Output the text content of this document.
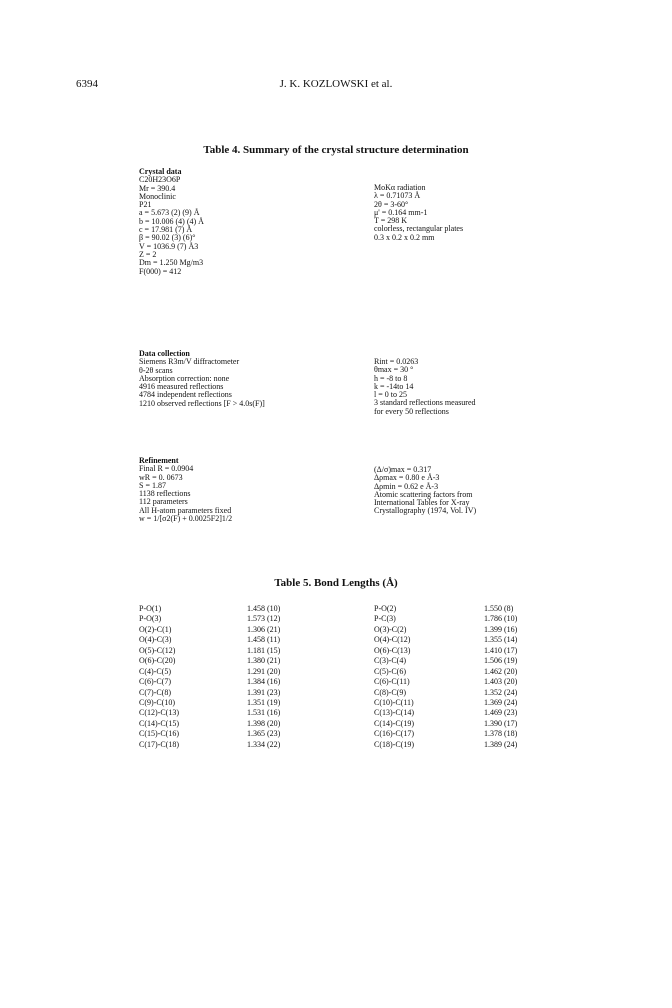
6394	J. K. KOZLOWSKI et al.
Table 4. Summary of the crystal structure determination
Crystal data
C20H23O6P
Mr = 390.4
Monoclinic
P21
a = 5.673 (2) (9) Å
b = 10.006 (4) (4) Å
c = 17.981 (7) Å
β = 90.02 (3) (6)°
V = 1036.9 (7) Å3
Z = 2
Dm = 1.250 Mg/m3
F(000) = 412
MoKα radiation
λ = 0.71073 Å
2θ = 3-60°
μ' = 0.164 mm-1
T = 298 K
colorless, rectangular plates
0.3 x 0.2 x 0.2 mm
Data collection
Siemens R3m/V diffractometer
θ-2θ scans
Absorption correction: none
4916 measured reflections
4784 independent reflections
1210 observed reflections [F > 4.0s(F)]
Rint = 0.0263
θmax = 30 °
h = -8 to 8
k = -14to 14
l = 0 to 25
3 standard reflections measured
for every 50 reflections
Refinement
Final R = 0.0904
wR = 0. 0673
S = 1.87
1138 reflections
112 parameters
All H-atom parameters fixed
w = 1/[σ2(F) + 0.0025F2]1/2
(Δ/σ)max = 0.317
Δρmax = 0.80 e Å-3
Δρmin = 0.62 e Å-3
Atomic scattering factors from
International Tables for X-ray
Crystallography (1974, Vol. IV)
Table 5. Bond Lengths (Å)
P-O(1)
P-O(3)
O(2)-C(1)
O(4)-C(3)
O(5)-C(12)
O(6)-C(20)
C(4)-C(5)
C(6)-C(7)
C(7)-C(8)
C(9)-C(10)
C(12)-C(13)
C(14)-C(15)
C(15)-C(16)
C(17)-C(18)
1.458 (10)
1.573 (12)
1.306 (21)
1.458 (11)
1.181 (15)
1.380 (21)
1.291 (20)
1.384 (16)
1.391 (23)
1.351 (19)
1.531 (16)
1.398 (20)
1.365 (23)
1.334 (22)
P-O(2)
P-C(3)
O(3)-C(2)
O(4)-C(12)
O(6)-C(13)
C(3)-C(4)
C(5)-C(6)
C(6)-C(11)
C(8)-C(9)
C(10)-C(11)
C(13)-C(14)
C(14)-C(19)
C(16)-C(17)
C(18)-C(19)
1.550 (8)
1.786 (10)
1.399 (16)
1.355 (14)
1.410 (17)
1.506 (19)
1.462 (20)
1.403 (20)
1.352 (24)
1.369 (24)
1.469 (23)
1.390 (17)
1.378 (18)
1.389 (24)
